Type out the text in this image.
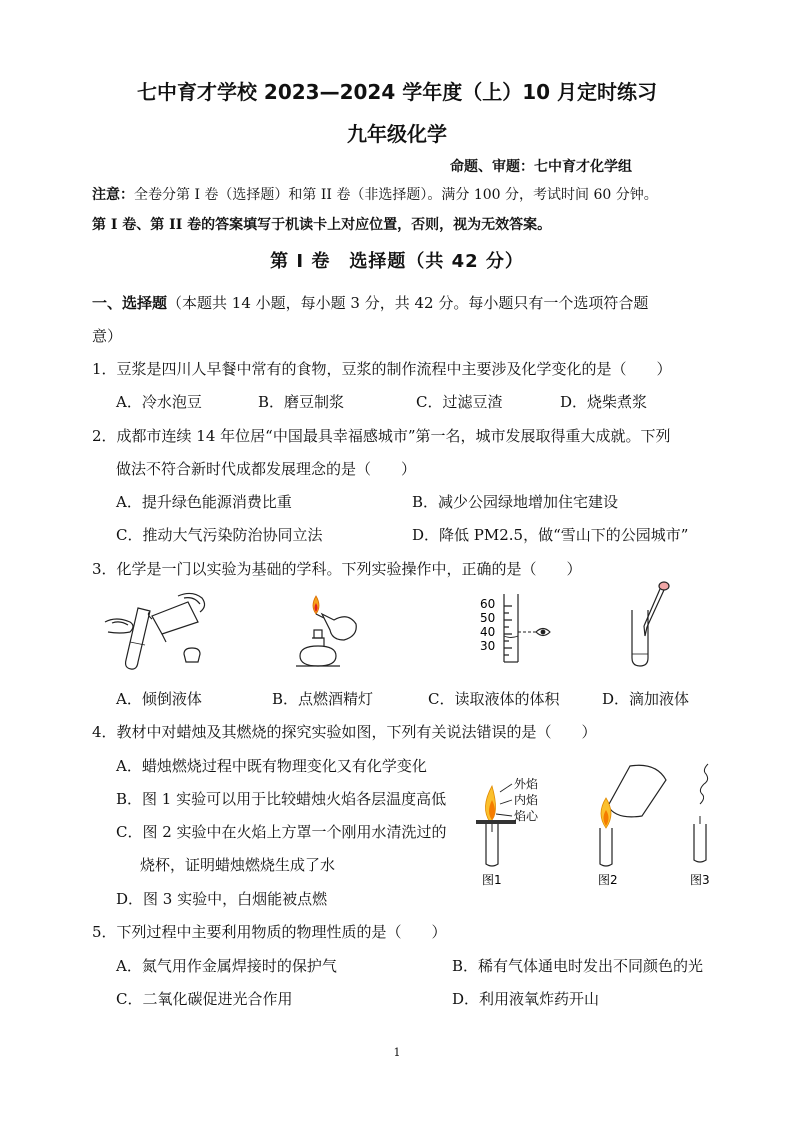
七中育才学校 2023—2024 学年度（上）10 月定时练习
九年级化学
命题、审题：七中育才化学组
注意：全卷分第 I 卷（选择题）和第 II 卷（非选择题）。满分 100 分，考试时间 60 分钟。
第 I 卷、第 II 卷的答案填写于机读卡上对应位置，否则，视为无效答案。
第 I 卷　选择题（共 42 分）
一、选择题（本题共 14 小题，每小题 3 分，共 42 分。每小题只有一个选项符合题
意）
1．豆浆是四川人早餐中常有的食物，豆浆的制作流程中主要涉及化学变化的是（　　）
A．冷水泡豆	B．磨豆制浆	C．过滤豆渣	D．烧柴煮浆
2．成都市连续 14 年位居“中国最具幸福感城市”第一名，城市发展取得重大成就。下列
做法不符合新时代成都发展理念的是（　　）
A．提升绿色能源消费比重	B．减少公园绿地增加住宅建设
C．推动大气污染防治协同立法	D．降低 PM2.5，做“雪山下的公园城市”
3．化学是一门以实验为基础的学科。下列实验操作中，正确的是（　　）
60
50
40
30
A．倾倒液体	B．点燃酒精灯	C．读取液体的体积	D．滴加液体
4．教材中对蜡烛及其燃烧的探究实验如图，下列有关说法错误的是（　　）
A．蜡烛燃烧过程中既有物理变化又有化学变化
B．图 1 实验可以用于比较蜡烛火焰各层温度高低
C．图 2 实验中在火焰上方罩一个刚用水清洗过的
烧杯，证明蜡烛燃烧生成了水
D．图 3 实验中，白烟能被点燃
外焰
内焰
焰心
图1	图2	图3
5．下列过程中主要利用物质的物理性质的是（　　）
A．氮气用作金属焊接时的保护气	B．稀有气体通电时发出不同颜色的光
C．二氧化碳促进光合作用	D．利用液氧炸药开山
1
